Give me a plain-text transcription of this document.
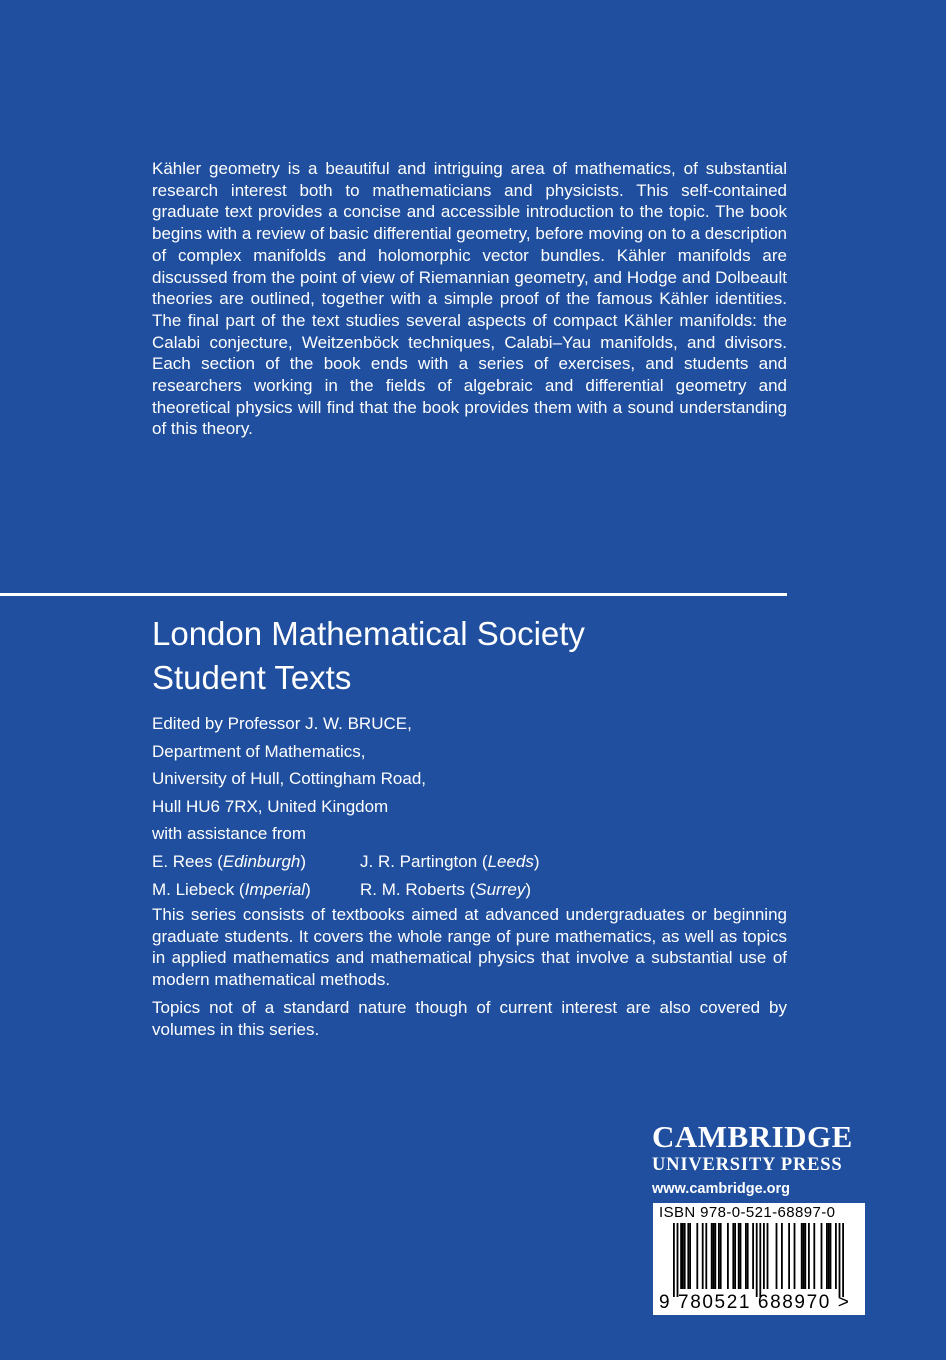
Kähler geometry is a beautiful and intriguing area of mathematics, of substantial research interest both to mathematicians and physicists. This self-contained graduate text provides a concise and accessible introduction to the topic. The book begins with a review of basic differential geometry, before moving on to a description of complex manifolds and holomorphic vector bundles. Kähler manifolds are discussed from the point of view of Riemannian geometry, and Hodge and Dolbeault theories are outlined, together with a simple proof of the famous Kähler identities. The final part of the text studies several aspects of compact Kähler manifolds: the Calabi conjecture, Weitzenböck techniques, Calabi–Yau manifolds, and divisors. Each section of the book ends with a series of exercises, and students and researchers working in the fields of algebraic and differential geometry and theoretical physics will find that the book provides them with a sound understanding of this theory.
London Mathematical Society
Student Texts
Edited by Professor J. W. BRUCE,
Department of Mathematics,
University of Hull, Cottingham Road,
Hull HU6 7RX, United Kingdom
with assistance from
E. Rees (Edinburgh)	J. R. Partington (Leeds)
M. Liebeck (Imperial)	R. M. Roberts (Surrey)

This series consists of textbooks aimed at advanced undergraduates or beginning graduate students. It covers the whole range of pure mathematics, as well as topics in applied mathematics and mathematical physics that involve a substantial use of modern mathematical methods.

Topics not of a standard nature though of current interest are also covered by volumes in this series.

CAMBRIDGE
UNIVERSITY PRESS
www.cambridge.org
ISBN 978-0-521-68897-0
9 780521 688970 >
